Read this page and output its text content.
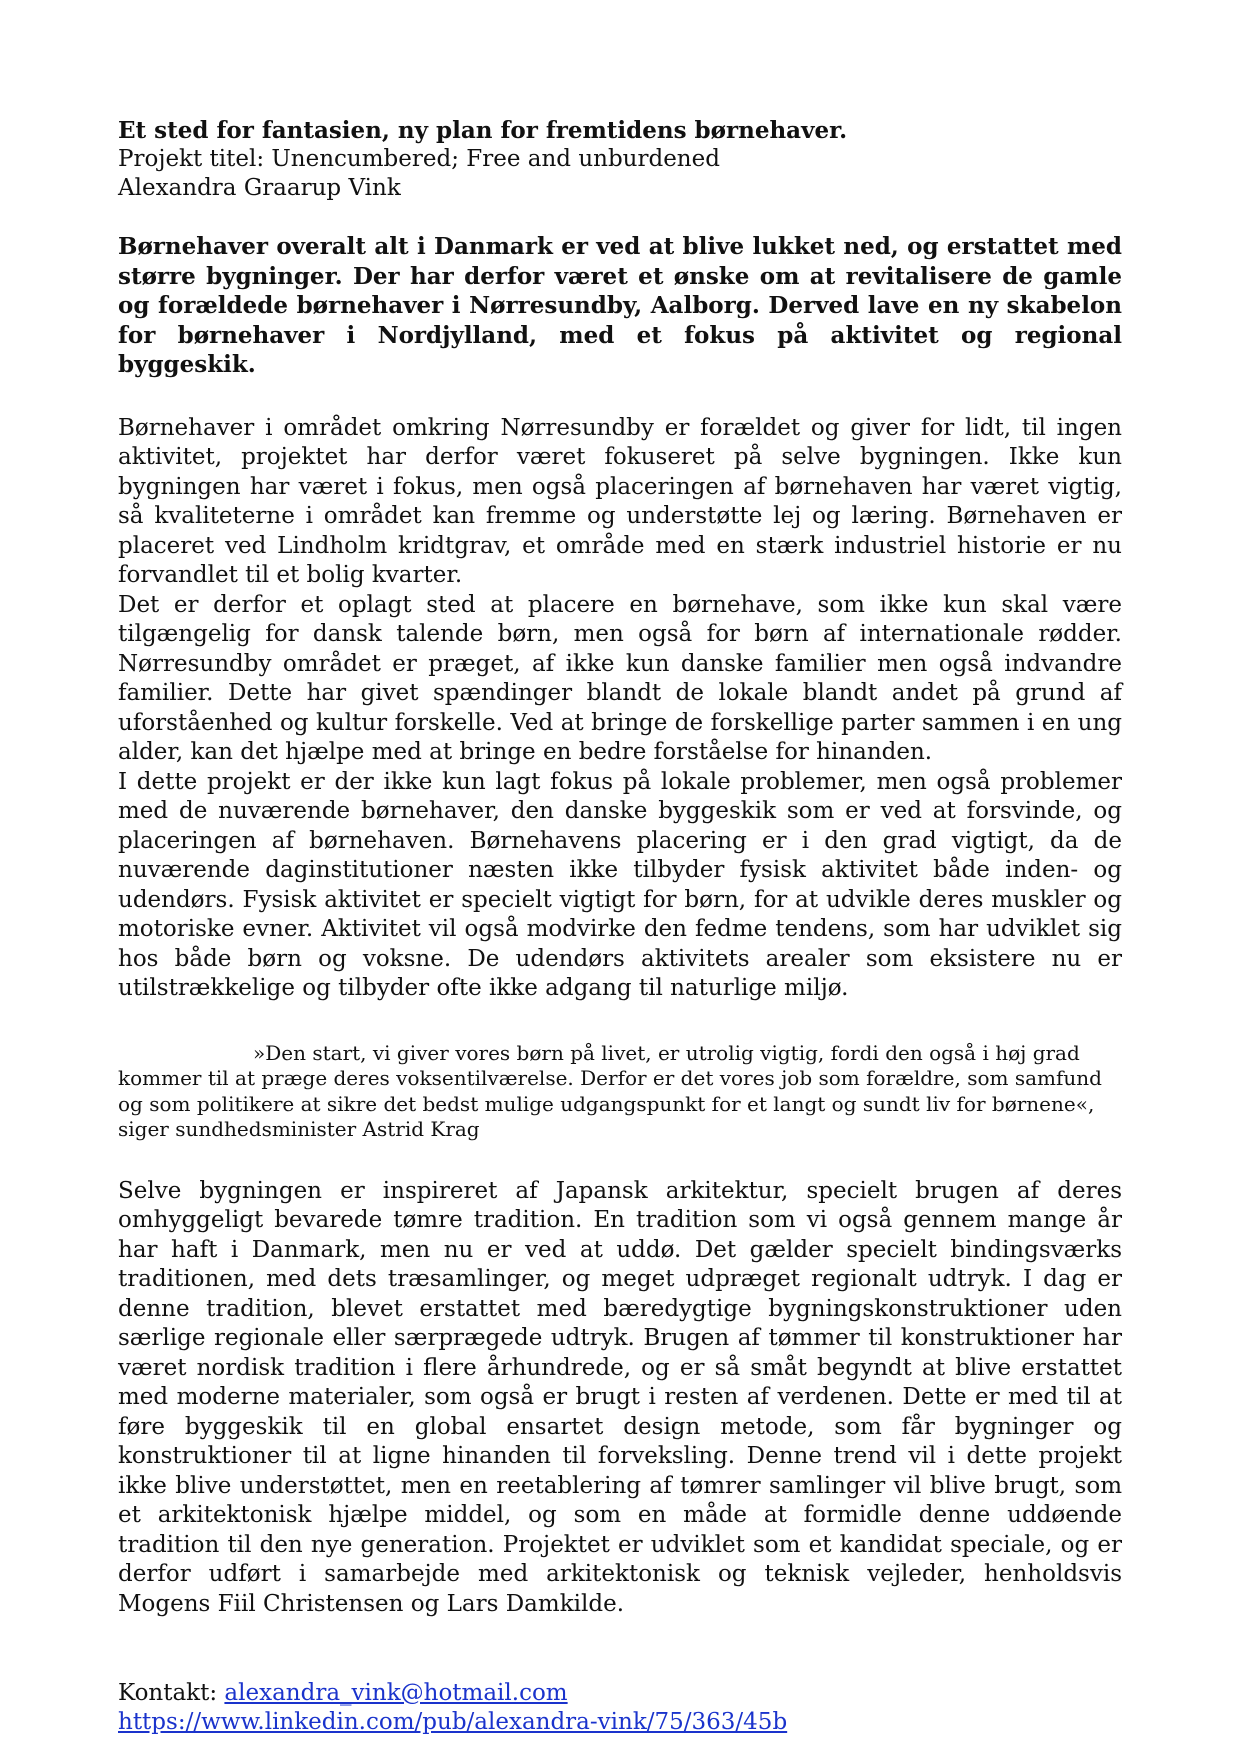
Et sted for fantasien, ny plan for fremtidens børnehaver.

Projekt titel: Unencumbered; Free and unburdened

Alexandra Graarup Vink

Børnehaver overalt alt i Danmark er ved at blive lukket ned, og erstattet med større bygninger. Der har derfor været et ønske om at revitalisere de gamle og forældede børnehaver i Nørresundby, Aalborg. Derved lave en ny skabelon for børnehaver i Nordjylland, med et fokus på aktivitet og regional byggeskik.

Børnehaver i området omkring Nørresundby er forældet og giver for lidt, til ingen aktivitet, projektet har derfor været fokuseret på selve bygningen. Ikke kun bygningen har været i fokus, men også placeringen af børnehaven har været vigtig, så kvaliteterne i området kan fremme og understøtte lej og læring. Børnehaven er placeret ved Lindholm kridtgrav, et område med en stærk industriel historie er nu forvandlet til et bolig kvarter.

Det er derfor et oplagt sted at placere en børnehave, som ikke kun skal være tilgængelig for dansk talende børn, men også for børn af internationale rødder. Nørresundby området er præget, af ikke kun danske familier men også indvandre familier. Dette har givet spændinger blandt de lokale blandt andet på grund af uforståenhed og kultur forskelle. Ved at bringe de forskellige parter sammen i en ung alder, kan det hjælpe med at bringe en bedre forståelse for hinanden.

I dette projekt er der ikke kun lagt fokus på lokale problemer, men også problemer med de nuværende børnehaver, den danske byggeskik som er ved at forsvinde, og placeringen af børnehaven. Børnehavens placering er i den grad vigtigt, da de nuværende daginstitutioner næsten ikke tilbyder fysisk aktivitet både inden- og udendørs. Fysisk aktivitet er specielt vigtigt for børn, for at udvikle deres muskler og motoriske evner. Aktivitet vil også modvirke den fedme tendens, som har udviklet sig hos både børn og voksne. De udendørs aktivitets arealer som eksistere nu er utilstrækkelige og tilbyder ofte ikke adgang til naturlige miljø.

»Den start, vi giver vores børn på livet, er utrolig vigtig, fordi den også i høj grad kommer til at præge deres voksentilværelse. Derfor er det vores job som forældre, som samfund og som politikere at sikre det bedst mulige udgangspunkt for et langt og sundt liv for børnene«, siger sundhedsminister Astrid Krag

Selve bygningen er inspireret af Japansk arkitektur, specielt brugen af deres omhyggeligt bevarede tømre tradition. En tradition som vi også gennem mange år har haft i Danmark, men nu er ved at uddø. Det gælder specielt bindingsværks traditionen, med dets træsamlinger, og meget udpræget regionalt udtryk. I dag er denne tradition, blevet erstattet med bæredygtige bygningskonstruktioner uden særlige regionale eller særprægede udtryk. Brugen af tømmer til konstruktioner har været nordisk tradition i flere århundrede, og er så småt begyndt at blive erstattet med moderne materialer, som også er brugt i resten af verdenen. Dette er med til at føre byggeskik til en global ensartet design metode, som får bygninger og konstruktioner til at ligne hinanden til forveksling. Denne trend vil i dette projekt ikke blive understøttet, men en reetablering af tømrer samlinger vil blive brugt, som et arkitektonisk hjælpe middel, og som en måde at formidle denne uddøende tradition til den nye generation. Projektet er udviklet som et kandidat speciale, og er derfor udført i samarbejde med arkitektonisk og teknisk vejleder, henholdsvis Mogens Fiil Christensen og Lars Damkilde.

Kontakt: alexandra_vink@hotmail.com

https://www.linkedin.com/pub/alexandra-vink/75/363/45b
